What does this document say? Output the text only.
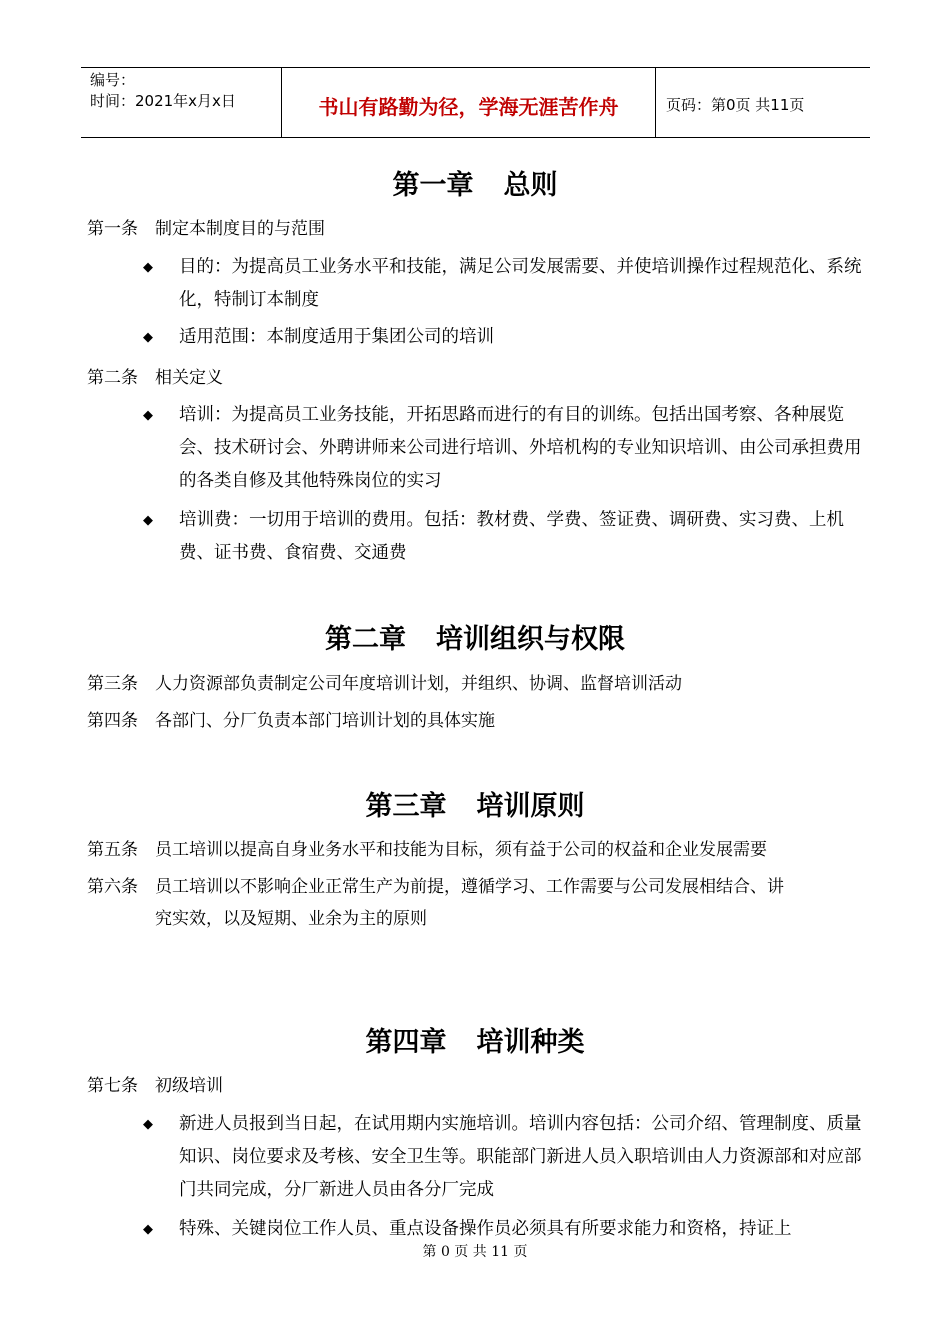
编号：
时间：2021年x月x日	书山有路勤为径，学海无涯苦作舟	页码：第0页 共11页
第一章 总则
第一条 制定本制度目的与范围
◆ 目的：为提高员工业务水平和技能，满足公司发展需要、并使培训操作过程规范化、系统化，特制订本制度
◆ 适用范围：本制度适用于集团公司的培训
第二条 相关定义
◆ 培训：为提高员工业务技能，开拓思路而进行的有目的训练。包括出国考察、各种展览会、技术研讨会、外聘讲师来公司进行培训、外培机构的专业知识培训、由公司承担费用的各类自修及其他特殊岗位的实习
◆ 培训费：一切用于培训的费用。包括：教材费、学费、签证费、调研费、实习费、上机费、证书费、食宿费、交通费
第二章 培训组织与权限
第三条 人力资源部负责制定公司年度培训计划，并组织、协调、监督培训活动
第四条 各部门、分厂负责本部门培训计划的具体实施
第三章 培训原则
第五条 员工培训以提高自身业务水平和技能为目标，须有益于公司的权益和企业发展需要
第六条 员工培训以不影响企业正常生产为前提，遵循学习、工作需要与公司发展相结合、讲
究实效，以及短期、业余为主的原则
第四章 培训种类
第七条 初级培训
◆ 新进人员报到当日起，在试用期内实施培训。培训内容包括：公司介绍、管理制度、质量知识、岗位要求及考核、安全卫生等。职能部门新进人员入职培训由人力资源部和对应部门共同完成，分厂新进人员由各分厂完成
◆ 特殊、关键岗位工作人员、重点设备操作员必须具有所要求能力和资格，持证上
第 0 页 共 11 页
